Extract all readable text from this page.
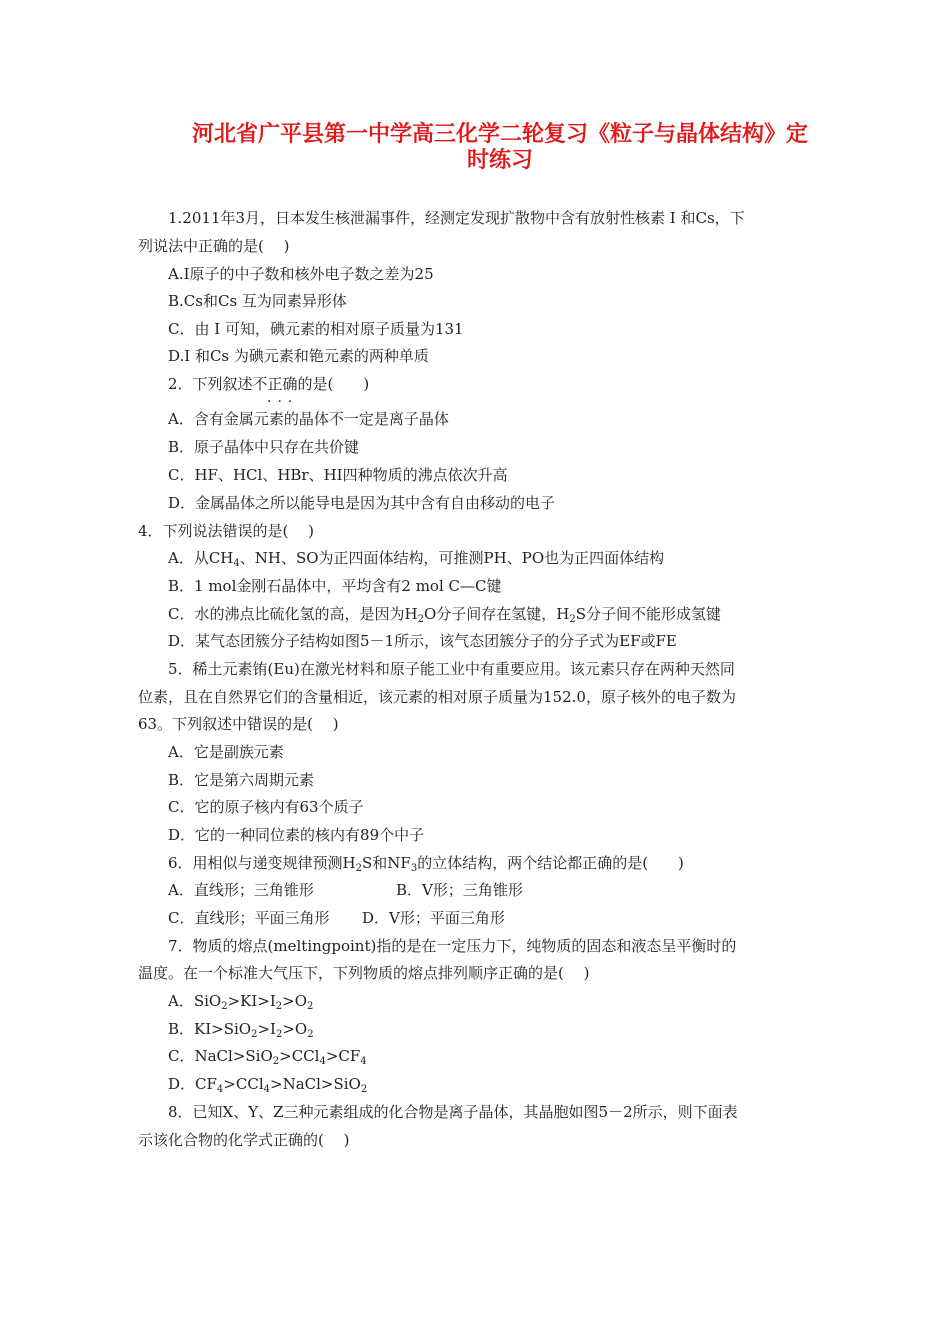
河北省广平县第一中学高三化学二轮复习《粒子与晶体结构》定
时练习
1.2011年3月，日本发生核泄漏事件，经测定发现扩散物中含有放射性核素 I 和Cs，下
列说法中正确的是(　 )
A.I原子的中子数和核外电子数之差为25
B.Cs和Cs 互为同素异形体
C．由 I 可知，碘元素的相对原子质量为131
D.I 和Cs 为碘元素和铯元素的两种单质
2．下列叙述不正确的是(　　)
...
A．含有金属元素的晶体不一定是离子晶体
B．原子晶体中只存在共价键
C．HF、HCl、HBr、HI四种物质的沸点依次升高
D．金属晶体之所以能导电是因为其中含有自由移动的电子
4．下列说法错误的是(　 )
A．从$CH_4$、NH、SO为正四面体结构，可推测PH、PO也为正四面体结构
B．1 mol金刚石晶体中，平均含有2 mol C—C键
C．水的沸点比硫化氢的高，是因为$H_2O$分子间存在氢键，$H_2S$分子间不能形成氢键
D．某气态团簇分子结构如图5－1所示，该气态团簇分子的分子式为EF或FE
5．稀土元素铕(Eu)在激光材料和原子能工业中有重要应用。该元素只存在两种天然同
位素，且在自然界它们的含量相近，该元素的相对原子质量为152.0，原子核外的电子数为
63。下列叙述中错误的是(　 )
A．它是副族元素
B．它是第六周期元素
C．它的原子核内有63个质子
D．它的一种同位素的核内有89个中子
6．用相似与递变规律预测$H_2S$和$NF_3$的立体结构，两个结论都正确的是(　　)
A．直线形；三角锥形	B．V形；三角锥形
C．直线形；平面三角形 D．V形；平面三角形
7．物质的熔点(meltingpoint)指的是在一定压力下，纯物质的固态和液态呈平衡时的
温度。在一个标准大气压下，下列物质的熔点排列顺序正确的是(　 )
A．$SiO_2>KI>I_2>O_2$
B．$KI>SiO_2>I_2>O_2$
C．$NaCl>SiO_2>CCl_4>CF_4$
D．$CF_4>CCl_4>NaCl>SiO_2$
8．已知X、Y、Z三种元素组成的化合物是离子晶体，其晶胞如图5－2所示，则下面表
示该化合物的化学式正确的(　 )
